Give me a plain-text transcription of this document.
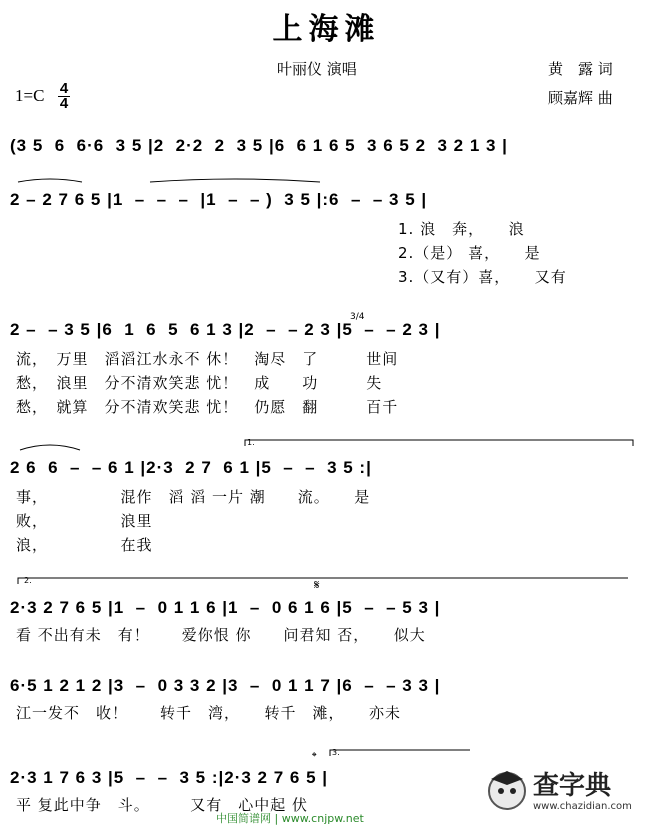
上海滩
叶丽仪 演唱	黄　露 词
顾嘉辉 曲
1=C 4
4
(3 5  6  6·6  3 5 |2  2·2  2  3 5 |6  6 1 6 5  3 6 5 2  3 2 1 3 |
2 – 2 7 6 5 |1  –  –  –  |1  –  – )  3 5 |:6  –  – 3 5 |
1. 浪　奔，　　浪
2.（是） 喜，　　是
3.（又有）喜，　　又有
2 –  – 3 5 |6  1  6  5  6 1 3 |2  –  – 2 3 |5  –  – 2 3 |
流，　万里　滔滔江水永不 休！　淘尽　了　　　世间
愁，　浪里　分不清欢笑悲 忧！　成　　功　　　失
愁，　就算　分不清欢笑悲 忧！　仍愿　翻　　　百千
2 6  6  –  – 6 1 |2·3  2 7  6 1 |5  –  –  3 5 :|
事，　　　　　混作　滔 滔 一片 潮　　流。　　是
败，　　　　　浪里
浪，　　　　　在我
2·3 2 7 6 5 |1  –  0 1 1 6 |1  –  0 6 1 6 |5  –  – 5 3 |
看 不出有未　有！　　爱你恨 你　　问君知 否，　　似大
6·5 1 2 1 2 |3  –  0 3 3 2 |3  –  0 1 1 7 |6  –  – 3 3 |
江一发不　收！　　转千　湾，　　转千　滩，　　亦未
2·3 1 7 6 3 |5  –  –  3 5 :|2·3 2 7 6 5 |
平 复此中争　斗。　　　又有　心中起 伏
1.
2.
3.
𝄋
𝄌
3/4
中国简谱网 | www.cnjpw.net
查字典
www.chazidian.com
